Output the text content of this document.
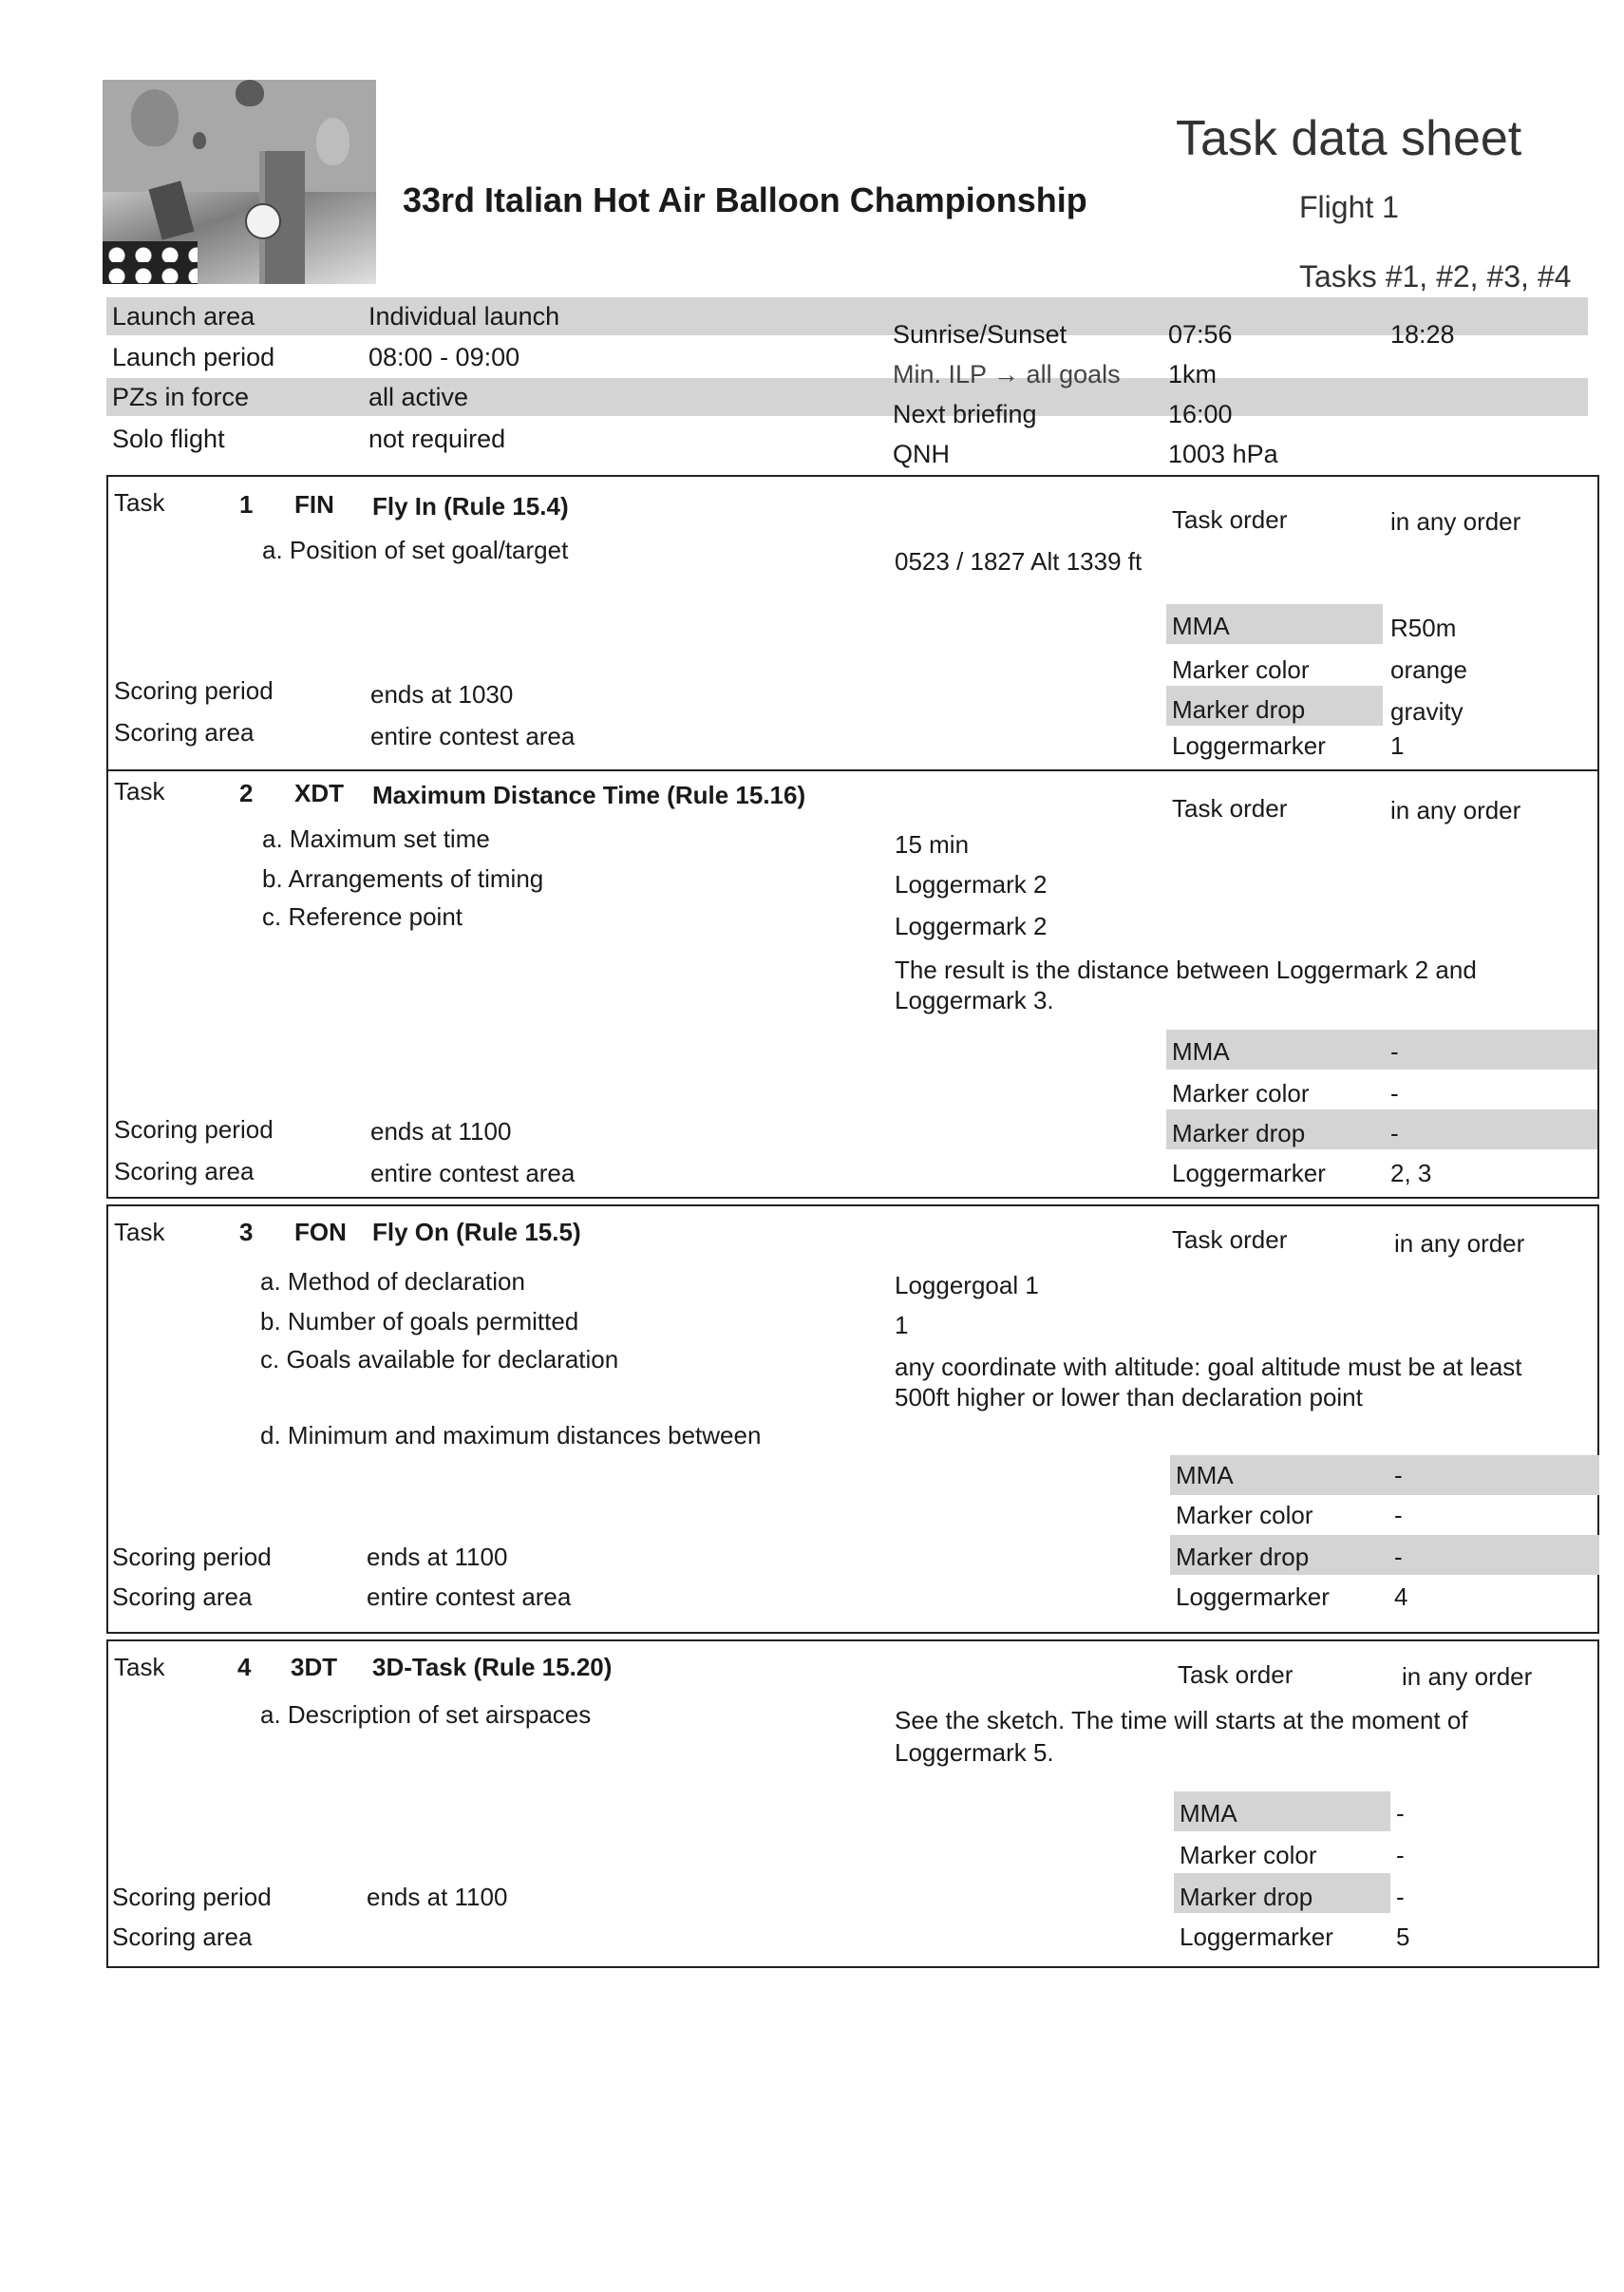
33rd Italian Hot Air Balloon Championship
Task data sheet
Flight 1
Tasks #1, #2, #3, #4
Launch area	Individual launch
Launch period	08:00 - 09:00
PZs in force	all active
Solo flight	not required
Sunrise/Sunset	07:56	18:28
Min. ILP → all goals 1km
Next briefing	16:00
QNH	1003 hPa
Task	1 FIN Fly In (Rule 15.4)	Task order	in any order
a. Position of set goal/target	0523 / 1827 Alt 1339 ft
MMA	R50m
Marker color	orange
Marker drop	gravity
Loggermarker	1
Scoring period	ends at 1030
Scoring area	entire contest area
Task	2 XDT Maximum Distance Time (Rule 15.16)	Task order	in any order
a. Maximum set time	15 min
b. Arrangements of timing	Loggermark 2
c. Reference point	Loggermark 2
The result is the distance between Loggermark 2 and
Loggermark 3.
MMA	-
Marker color	-
Marker drop	-
Loggermarker	2, 3
Scoring period	ends at 1100
Scoring area	entire contest area
Task	3 FON Fly On (Rule 15.5)	Task order	in any order
a. Method of declaration	Loggergoal 1
b. Number of goals permitted	1
c. Goals available for declaration	any coordinate with altitude: goal altitude must be at least
500ft higher or lower than declaration point
d. Minimum and maximum distances between
MMA	-
Marker color	-
Marker drop	-
Loggermarker	4
Scoring period	ends at 1100
Scoring area	entire contest area
Task	4 3DT 3D-Task (Rule 15.20)	Task order	in any order
a. Description of set airspaces	See the sketch. The time will starts at the moment of
Loggermark 5.
MMA	-
Marker color	-
Marker drop	-
Loggermarker	5
Scoring period	ends at 1100
Scoring area
